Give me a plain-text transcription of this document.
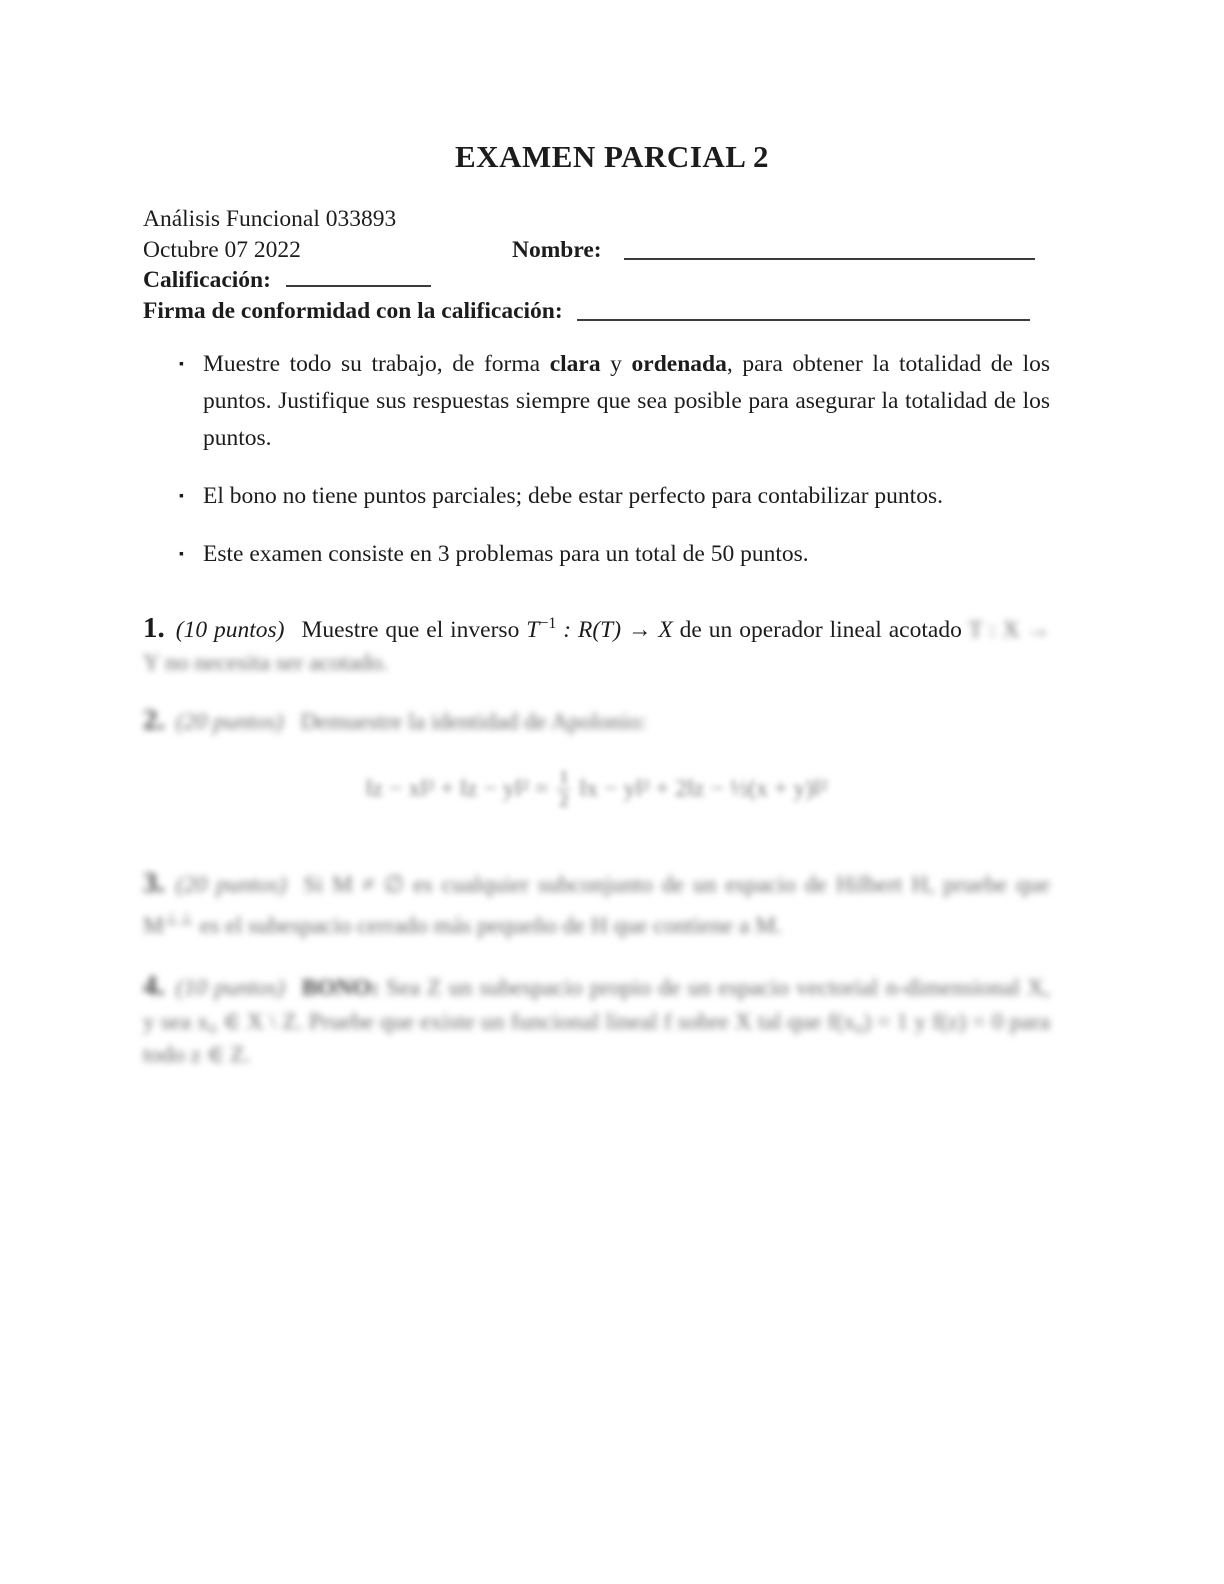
EXAMEN PARCIAL 2
Análisis Funcional 033893
Octubre 07 2022	Nombre:
Calificación:
Firma de conformidad con la calificación:
▪ Muestre todo su trabajo, de forma clara y ordenada, para obtener la totalidad de los puntos. Justifique sus respuestas siempre que sea posible para asegurar la totalidad de los puntos.
▪ El bono no tiene puntos parciales; debe estar perfecto para contabilizar puntos.
▪ Este examen consiste en 3 problemas para un total de 50 puntos.

1. (10 puntos) Muestre que el inverso $T^{-1}$ : R(T) → X de un operador lineal acotado T : X → Y no necesita ser acotado.

2. (20 puntos) Demuestre la identidad de Apolonio:

‖z − x‖² + ‖z − y‖² = $\frac{1}{2}$ ‖x − y‖² + 2‖z − ½(x + y)‖²

3. (20 puntos) Si M ≠ ∅ es cualquier subconjunto de un espacio de Hilbert H, pruebe que M⊥⊥ es el subespacio cerrado más pequeño de H que contiene a M.

4. (10 puntos) BONO: Sea Z un subespacio propio de un espacio vectorial n-dimensional X, y sea x₀ ∈ X \ Z. Pruebe que existe un funcional lineal f sobre X tal que f(x₀) = 1 y f(z) = 0 para todo z ∈ Z.
